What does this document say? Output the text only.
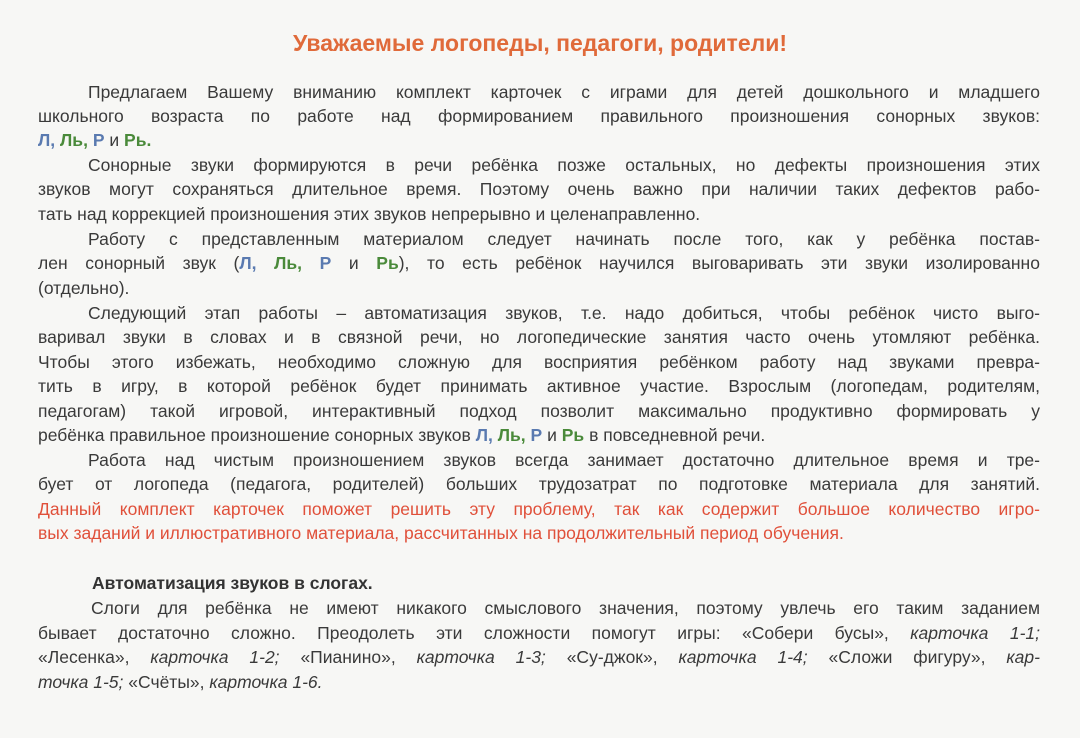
Уважаемые логопеды, педагоги, родители!
Предлагаем Вашему вниманию комплект карточек с играми для детей дошкольного и младшего
школьного возраста по работе над формированием правильного произношения сонорных звуков:
Л, Ль, Р и Рь.
Сонорные звуки формируются в речи ребёнка позже остальных, но дефекты произношения этих
звуков могут сохраняться длительное время. Поэтому очень важно при наличии таких дефектов рабо-
тать над коррекцией произношения этих звуков непрерывно и целенаправленно.
Работу с представленным материалом следует начинать после того, как у ребёнка постав-
лен сонорный звук (Л, Ль, Р и Рь), то есть ребёнок научился выговаривать эти звуки изолированно
(отдельно).
Следующий этап работы – автоматизация звуков, т.е. надо добиться, чтобы ребёнок чисто выго-
варивал звуки в словах и в связной речи, но логопедические занятия часто очень утомляют ребёнка.
Чтобы этого избежать, необходимо сложную для восприятия ребёнком работу над звуками преврa-
тить в игру, в которой ребёнок будет принимать активное участие. Взрослым (логопедам, родителям,
педагогам) такой игровой, интерактивный подход позволит максимально продуктивно формировать у
ребёнка правильное произношение сонорных звуков Л, Ль, Р и Рь в повседневной речи.
Работа над чистым произношением звуков всегда занимает достаточно длительное время и тре-
бует от логопеда (педагога, родителей) больших трудозатрат по подготовке материала для занятий.
Данный комплект карточек поможет решить эту проблему, так как содержит большое количество игро-
вых заданий и иллюстративного материала, рассчитанных на продолжительный период обучения.
Автоматизация звуков в слогах.
Слоги для ребёнка не имеют никакого смыслового значения, поэтому увлечь его таким заданием
бывает достаточно сложно. Преодолеть эти сложности помогут игры: «Собери бусы», карточка 1-1;
«Лесенка», карточка 1-2; «Пианино», карточка 1-3; «Су-джок», карточка 1-4; «Сложи фигуру», кар-
точка 1-5; «Счёты», карточка 1-6.
